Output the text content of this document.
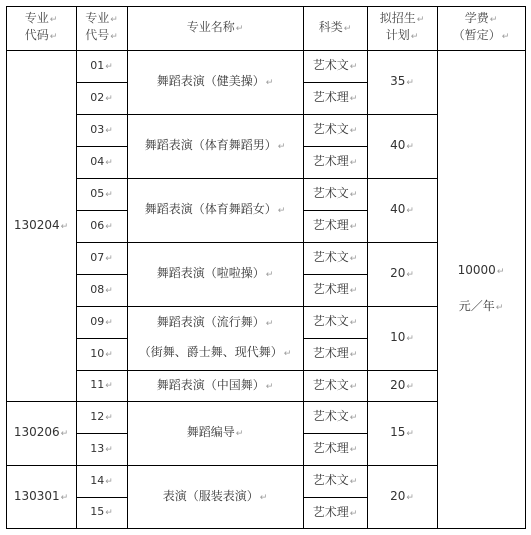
专业↵
代码↵
专业↵
代号↵
专业名称↵	科类↵
拟招生↵
计划↵
学费↵
（暂定）↵
130204↵
130206↵
130301↵
01↵
02↵
03↵
04↵
05↵
06↵
07↵
08↵
09↵
10↵
11↵
12↵
13↵
14↵
15↵
舞蹈表演（健美操）↵
舞蹈表演（体育舞蹈男）↵
舞蹈表演（体育舞蹈女）↵
舞蹈表演（啦啦操）↵
舞蹈表演（流行舞）↵
（街舞、爵士舞、现代舞）↵
舞蹈表演（中国舞）↵
舞蹈编导↵
表演（服装表演）↵
艺术文↵
艺术理↵
艺术文↵
艺术理↵
艺术文↵
艺术理↵
艺术文↵
艺术理↵
艺术文↵
艺术理↵
艺术文↵
艺术文↵
艺术理↵
艺术文↵
艺术理↵
35↵
40↵
40↵
20↵
10↵
20↵
15↵
20↵
10000↵
元／年↵
